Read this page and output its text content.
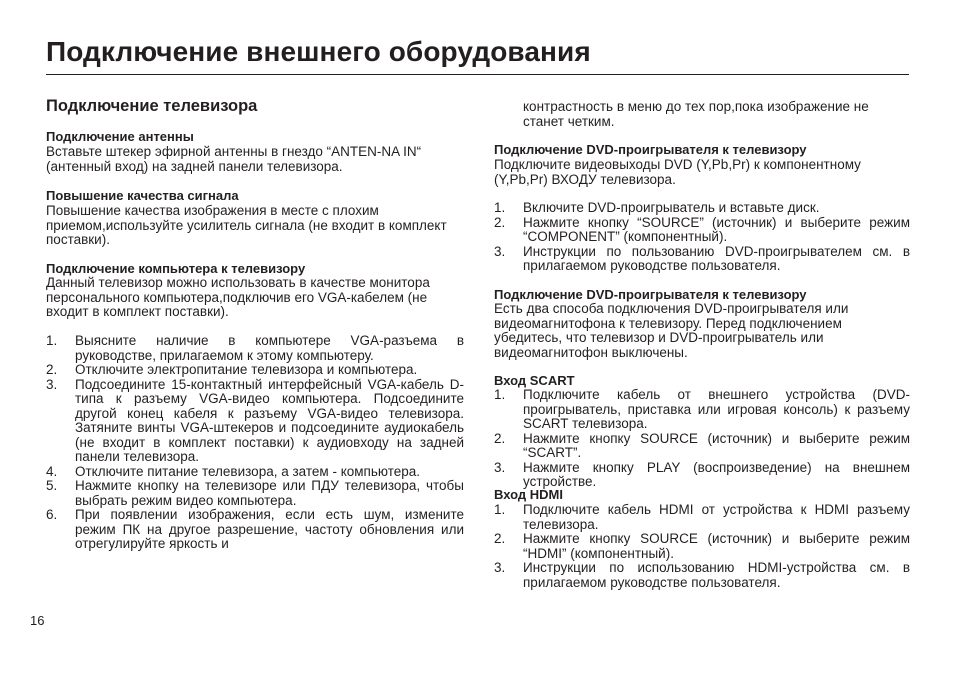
Подключение внешнего оборудования
Подключение телевизора
Подключение антенны
Вставьте штекер эфирной антенны в гнездо “ANTEN-NA IN“ (антенный вход) на задней панели телевизора.
Повышение качества сигнала
Повышение качества изображения в месте с плохим приемом,используйте усилитель сигнала (не входит в комплект поставки).
Подключение компьютера к телевизору
Данный телевизор можно использовать в качестве монитора персонального компьютера,подключив его VGA-кабелем (не входит в комплект поставки).
1. Выясните наличие в компьютере VGA-разъема в руководстве, прилагаемом к этому компьютеру.
2. Отключите электропитание телевизора и компьютера.
3. Подсоедините 15-контактный интерфейсный VGA-кабель D-типа к разъему VGA-видео компьютера. Подсоедините другой конец кабеля к разъему VGA-видео телевизора. Затяните винты VGA-штекеров и подсоедините аудиокабель (не входит в комплект поставки) к аудиовходу на задней панели телевизора.
4. Отключите питание телевизора, а затем - компьютера.
5. Нажмите кнопку на телевизоре или ПДУ телевизора, чтобы выбрать режим видео компьютера.
6. При появлении изображения, если есть шум, измените режим ПК на другое разрешение, частоту обновления или отрегулируйте яркость и
контрастность в меню до тех пор,пока изображение не станет четким.
Подключение DVD-проигрывателя к телевизору
Подключите видеовыходы DVD (Y,Pb,Pr) к компонентному (Y,Pb,Pr) ВХОДУ телевизора.
1. Включите DVD-проигрыватель и вставьте диск.
2. Нажмите кнопку “SOURCE” (источник) и выберите режим “COMPONENT” (компонентный).
3. Инструкции по пользованию DVD-проигрывателем см. в прилагаемом руководстве пользователя.
Подключение DVD-проигрывателя к телевизору
Есть два способа подключения DVD-проигрывателя или видеомагнитофона к телевизору. Перед подключением убедитесь, что телевизор и DVD-проигрыватель или видеомагнитофон выключены.
Вход SCART
1. Подключите кабель от внешнего устройства (DVD-проигрыватель, приставка или игровая консоль) к разъему SCART телевизора.
2. Нажмите кнопку SOURCE (источник) и выберите режим “SCART”.
3. Нажмите кнопку PLAY (воспроизведение) на внешнем устройстве.
Вход HDMI
1. Подключите кабель HDMI от устройства к HDMI разъему телевизора.
2. Нажмите кнопку SOURCE (источник) и выберите режим “HDMI” (компонентный).
3. Инструкции по использованию HDMI-устройства см. в прилагаемом руководстве пользователя.
16
